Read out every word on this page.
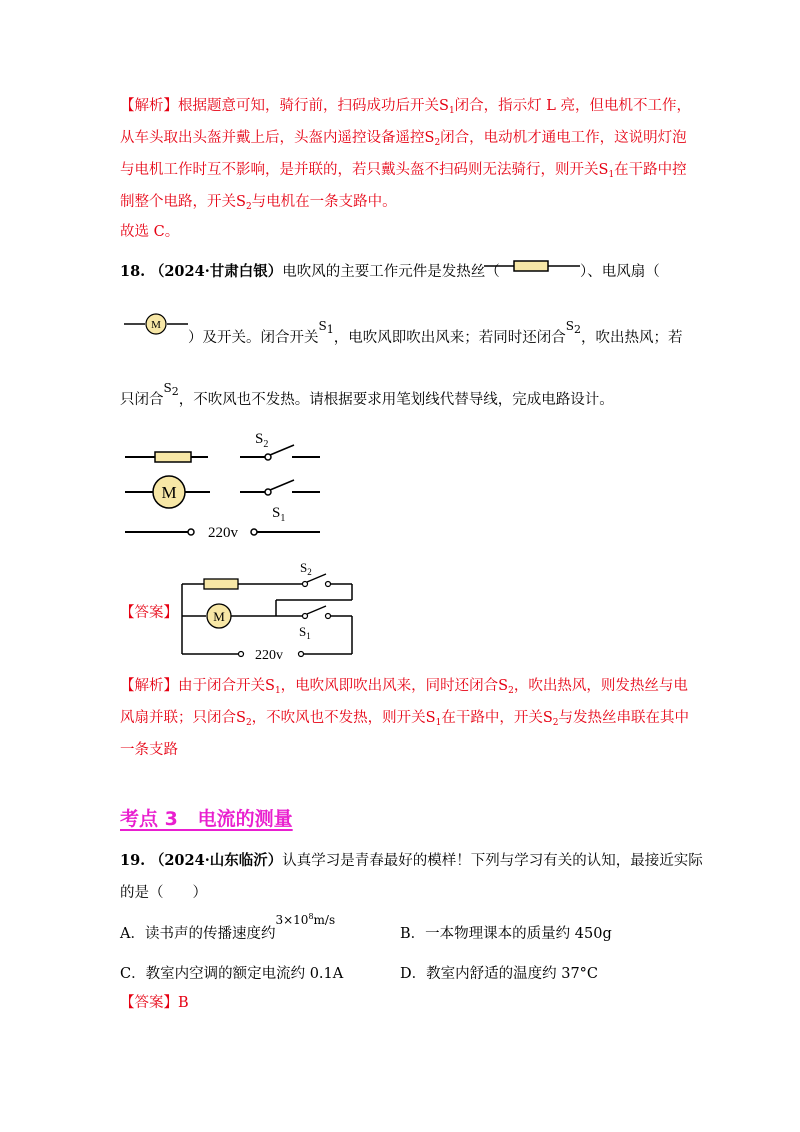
【解析】根据题意可知，骑行前，扫码成功后开关$S_1$闭合，指示灯 L 亮，但电机不工作，
从车头取出头盔并戴上后，头盔内遥控设备遥控$S_2$闭合，电动机才通电工作，这说明灯泡
与电机工作时互不影响，是并联的，若只戴头盔不扫码则无法骑行，则开关$S_1$在干路中控
制整个电路，开关$S_2$与电机在一条支路中。
故选 C。
18. （2024·甘肃白银）电吹风的主要工作元件是发热丝（	）、电风扇（
M
）及开关。闭合开关$^{S_1}$，电吹风即吹出风来；若同时还闭合$^{S_2}$，吹出热风；若
只闭合$^{S_2}$，不吹风也不发热。请根据要求用笔划线代替导线，完成电路设计。
$S_2$
M
$S_1$
220v
【答案】
$S_2$
M
$S_1$
220v
【解析】由于闭合开关$S_1$，电吹风即吹出风来，同时还闭合$S_2$，吹出热风，则发热丝与电
风扇并联；只闭合$S_2$，不吹风也不发热，则开关$S_1$在干路中，开关$S_2$与发热丝串联在其中
一条支路
考点 3   电流的测量
19. （2024·山东临沂）认真学习是青春最好的模样！下列与学习有关的认知，最接近实际
的是（　　）
A．读书声的传播速度约$^{3\times 10^8m/s}$
B．一本物理课本的质量约 450g
C．教室内空调的额定电流约 0.1A	D．教室内舒适的温度约 37°C
【答案】B
